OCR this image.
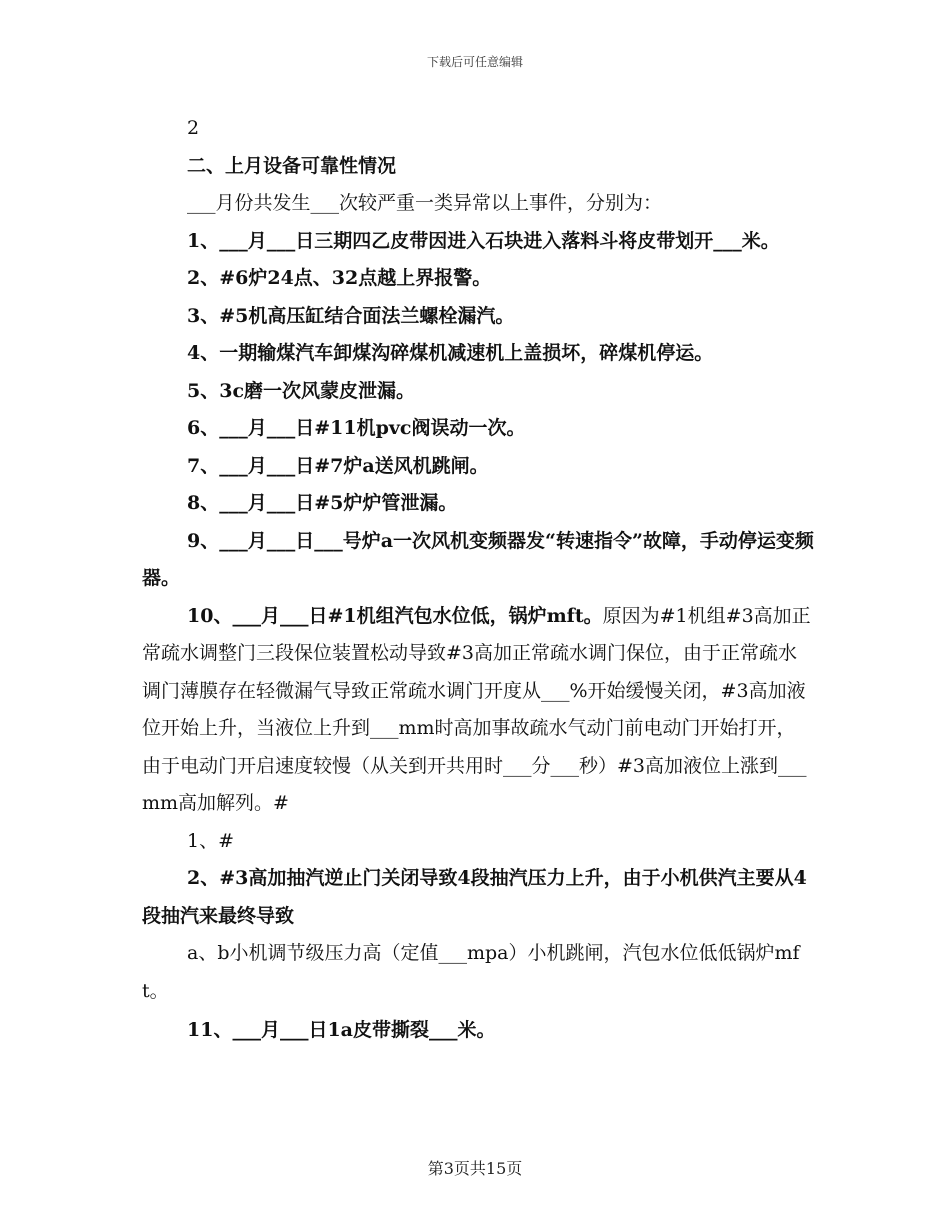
下载后可任意编辑

2

二、上月设备可靠性情况

___月份共发生___次较严重一类异常以上事件，分别为：

1、___月___日三期四乙皮带因进入石块进入落料斗将皮带划开___米。

2、#6炉24点、32点越上界报警。

3、#5机高压缸结合面法兰螺栓漏汽。

4、一期输煤汽车卸煤沟碎煤机减速机上盖损坏，碎煤机停运。

5、3c磨一次风蒙皮泄漏。

6、___月___日#11机pvc阀误动一次。

7、___月___日#7炉a送风机跳闸。

8、___月___日#5炉炉管泄漏。

9、___月___日___号炉a一次风机变频器发“转速指令”故障，手动停运变频器。

10、___月___日#1机组汽包水位低，锅炉mft。原因为#1机组#3高加正常疏水调整门三段保位装置松动导致#3高加正常疏水调门保位，由于正常疏水调门薄膜存在轻微漏气导致正常疏水调门开度从___%开始缓慢关闭，#3高加液位开始上升，当液位上升到___mm时高加事故疏水气动门前电动门开始打开，由于电动门开启速度较慢（从关到开共用时___分___秒）#3高加液位上涨到___mm高加解列。#

1、#

2、#3高加抽汽逆止门关闭导致4段抽汽压力上升，由于小机供汽主要从4段抽汽来最终导致

a、b小机调节级压力高（定值___mpa）小机跳闸，汽包水位低低锅炉mft。

11、___月___日1a皮带撕裂___米。

第3页共15页
